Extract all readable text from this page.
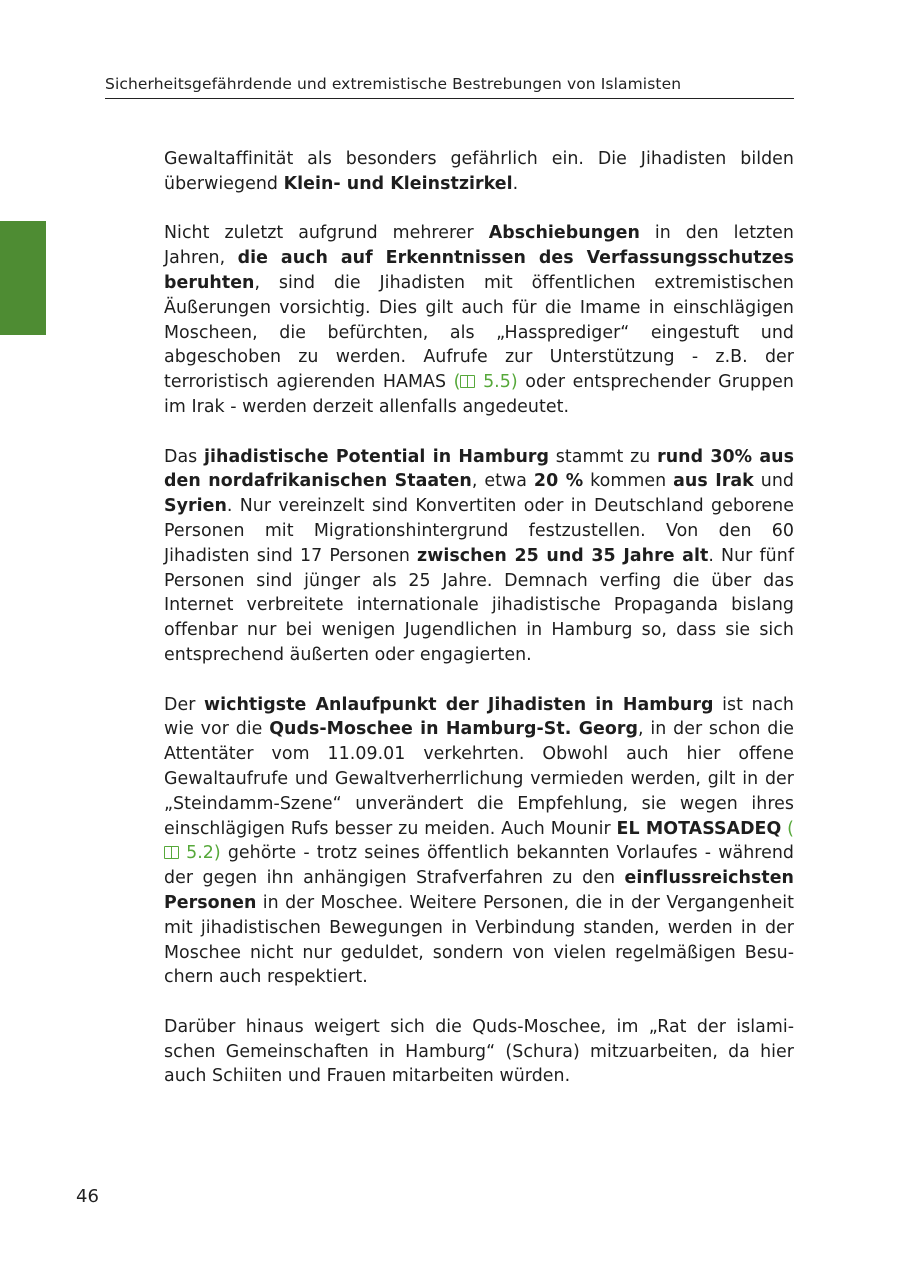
Sicherheitsgefährdende und extremistische Bestrebungen von Islamisten

Gewaltaffinität als besonders gefährlich ein. Die Jihadisten bilden überwiegend Klein- und Kleinstzirkel.

Nicht zuletzt aufgrund mehrerer Abschiebungen in den letzten Jahren, die auch auf Erkenntnissen des Verfassungsschutzes beruhten, sind die Jihadisten mit öffentlichen extremistischen Äußerungen vorsichtig. Dies gilt auch für die Imame in einschlägigen Moscheen, die befürchten, als „Hassprediger“ eingestuft und abgeschoben zu werden. Aufrufe zur Unterstützung - z.B. der terroristisch agierenden HAMAS ( 5.5) oder entsprechender Gruppen im Irak - werden derzeit allenfalls angedeutet.

Das jihadistische Potential in Hamburg stammt zu rund 30% aus den nordafrikanischen Staaten, etwa 20 % kommen aus Irak und Syrien. Nur vereinzelt sind Konvertiten oder in Deutschland geborene Personen mit Migrationshintergrund festzustellen. Von den 60 Jihadisten sind 17 Personen zwischen 25 und 35 Jahre alt. Nur fünf Personen sind jünger als 25 Jahre. Demnach verfing die über das Internet verbreitete internationale jihadistische Propaganda bislang offenbar nur bei wenigen Jugendlichen in Hamburg so, dass sie sich entsprechend äußerten oder engagierten.

Der wichtigste Anlaufpunkt der Jihadisten in Hamburg ist nach wie vor die Quds-Moschee in Hamburg-St. Georg, in der schon die Attentäter vom 11.09.01 verkehrten. Obwohl auch hier offene Gewaltaufrufe und Gewaltverherrlichung vermieden werden, gilt in der „Steindamm-Szene“ unverändert die Empfehlung, sie wegen ihres einschlägigen Rufs besser zu meiden. Auch Mounir EL MOTASSADEQ ( 5.2) gehörte - trotz seines öffentlich bekannten Vorlaufes - während der gegen ihn anhängigen Strafverfahren zu den einflussreichsten Personen in der Moschee. Weitere Personen, die in der Vergangenheit mit jihadistischen Bewegungen in Verbindung standen, werden in der Moschee nicht nur geduldet, sondern von vielen regelmäßigen Besuchern auch respektiert.

Darüber hinaus weigert sich die Quds-Moschee, im „Rat der islamischen Gemeinschaften in Hamburg“ (Schura) mitzuarbeiten, da hier auch Schiiten und Frauen mitarbeiten würden.

46
